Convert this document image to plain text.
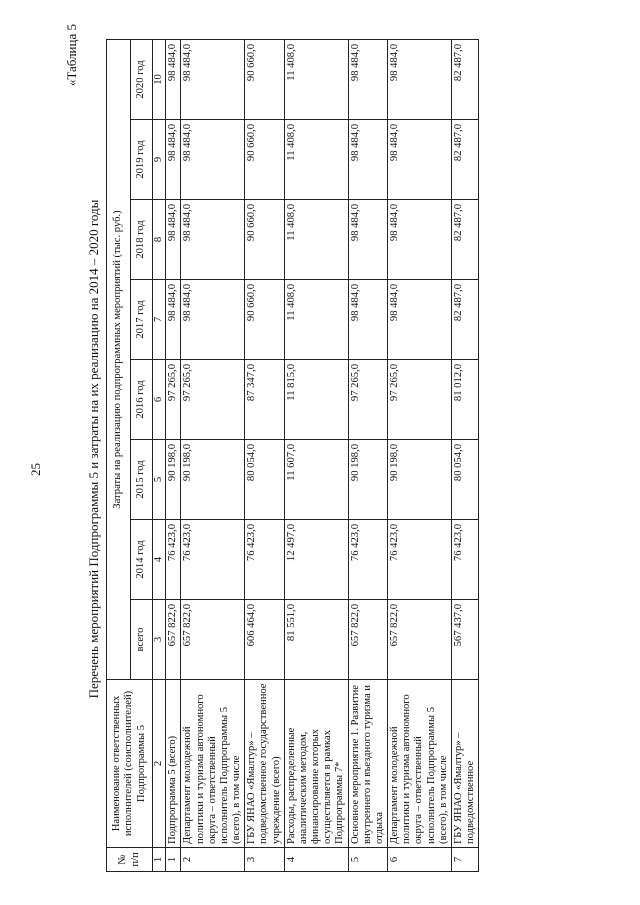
25
«Таблица 5
Перечень мероприятий Подпрограммы 5 и затраты на их реализацию на 2014 – 2020 годы
№ п/п	Наименование ответственных исполнителей (соисполнителей) Подпрограммы 5	Затраты на реализацию подпрограммных мероприятий (тыс. руб.)							
		всего	2014 год	2015 год	2016 год	2017 год	2018 год	2019 год	2020 год
1	2	3	4	5	6	7	8	9	10
1	Подпрограмма 5 (всего)	657 822,0	76 423,0	90 198,0	97 265,0	98 484,0	98 484,0	98 484,0	98 484,0
2	Департамент молодежной политики и туризма автономного округа – ответственный исполнитель Подпрограммы 5 (всего), в том числе	657 822,0	76 423,0	90 198,0	97 265,0	98 484,0	98 484,0	98 484,0	98 484,0
3	ГБУ ЯНАО «Ямалтур» – подведомственное государственное учреждение (всего)	606 464,0	76 423,0	80 054,0	87 347,0	90 660,0	90 660,0	90 660,0	90 660,0
4	Расходы, распределенные аналитическим методом, финансирование которых осуществляется в рамках Подпрограммы 7*	81 551,0	12 497,0	11 607,0	11 815,0	11 408,0	11 408,0	11 408,0	11 408,0
5	Основное мероприятие 1. Развитие внутреннего и въездного туризма и отдыха	657 822,0	76 423,0	90 198,0	97 265,0	98 484,0	98 484,0	98 484,0	98 484,0
6	Департамент молодежной политики и туризма автономного округа – ответственный исполнитель Подпрограммы 5 (всего), в том числе	657 822,0	76 423,0	90 198,0	97 265,0	98 484,0	98 484,0	98 484,0	98 484,0
7	ГБУ ЯНАО «Ямалтур» – подведомственное	567 437,0	76 423,0	80 054,0	81 012,0	82 487,0	82 487,0	82 487,0	82 487,0
